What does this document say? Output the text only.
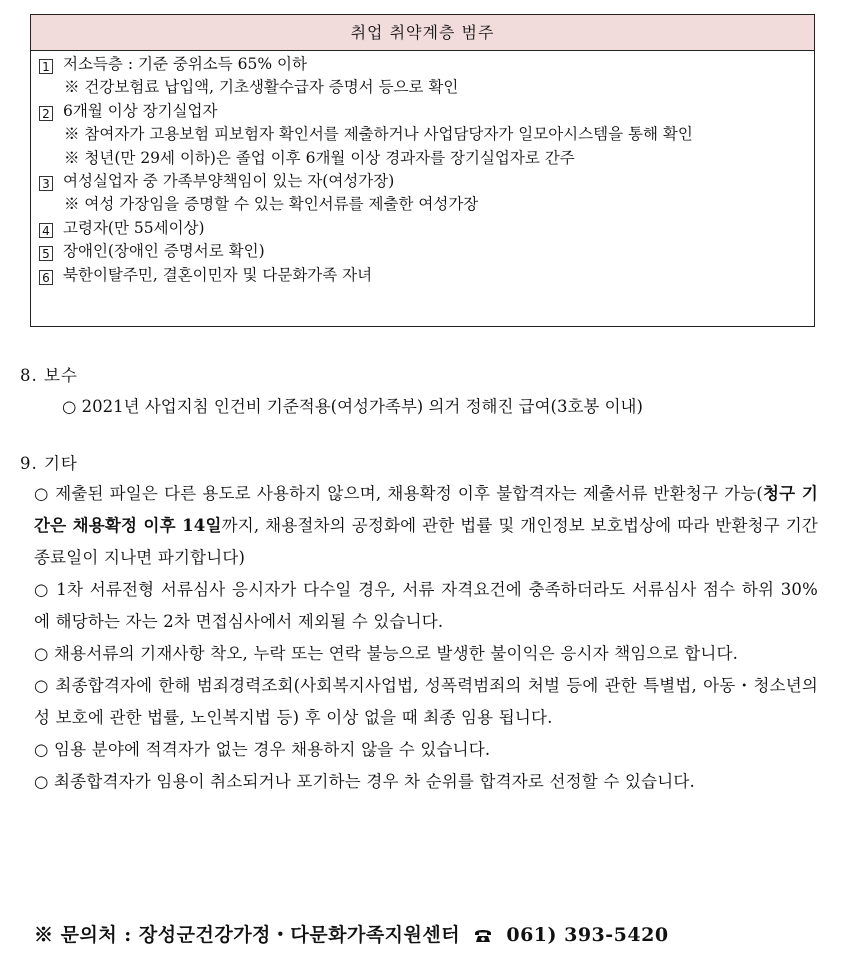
취업 취약계층 범주
1 저소득층 : 기준 중위소득 65% 이하
※ 건강보험료 납입액, 기초생활수급자 증명서 등으로 확인
2 6개월 이상 장기실업자
※ 참여자가 고용보험 피보험자 확인서를 제출하거나 사업담당자가 일모아시스템을 통해 확인
※ 청년(만 29세 이하)은 졸업 이후 6개월 이상 경과자를 장기실업자로 간주
3 여성실업자 중 가족부양책임이 있는 자(여성가장)
※ 여성 가장임을 증명할 수 있는 확인서류를 제출한 여성가장
4 고령자(만 55세이상)
5 장애인(장애인 증명서로 확인)
6 북한이탈주민, 결혼이민자 및 다문화가족 자녀
8. 보수
○ 2021년 사업지침 인건비 기준적용(여성가족부) 의거 정해진 급여(3호봉 이내)
9. 기타

○ 제출된 파일은 다른 용도로 사용하지 않으며, 채용확정 이후 불합격자는 제출서류 반환청구 가능(청구 기간은 채용확정 이후 14일까지, 채용절차의 공정화에 관한 법률 및 개인정보 보호법상에 따라 반환청구 기간 종료일이 지나면 파기합니다)

○ 1차 서류전형 서류심사 응시자가 다수일 경우, 서류 자격요건에 충족하더라도 서류심사 점수 하위 30%에 해당하는 자는 2차 면접심사에서 제외될 수 있습니다.

○ 채용서류의 기재사항 착오, 누락 또는 연락 불능으로 발생한 불이익은 응시자 책임으로 합니다.

○ 최종합격자에 한해 범죄경력조회(사회복지사업법, 성폭력범죄의 처벌 등에 관한 특별법, 아동・청소년의 성 보호에 관한 법률, 노인복지법 등) 후 이상 없을 때 최종 임용 됩니다.

○ 임용 분야에 적격자가 없는 경우 채용하지 않을 수 있습니다.

○ 최종합격자가 임용이 취소되거나 포기하는 경우 차 순위를 합격자로 선정할 수 있습니다.

※ 문의처 : 장성군건강가정・다문화가족지원센터 061) 393-5420
